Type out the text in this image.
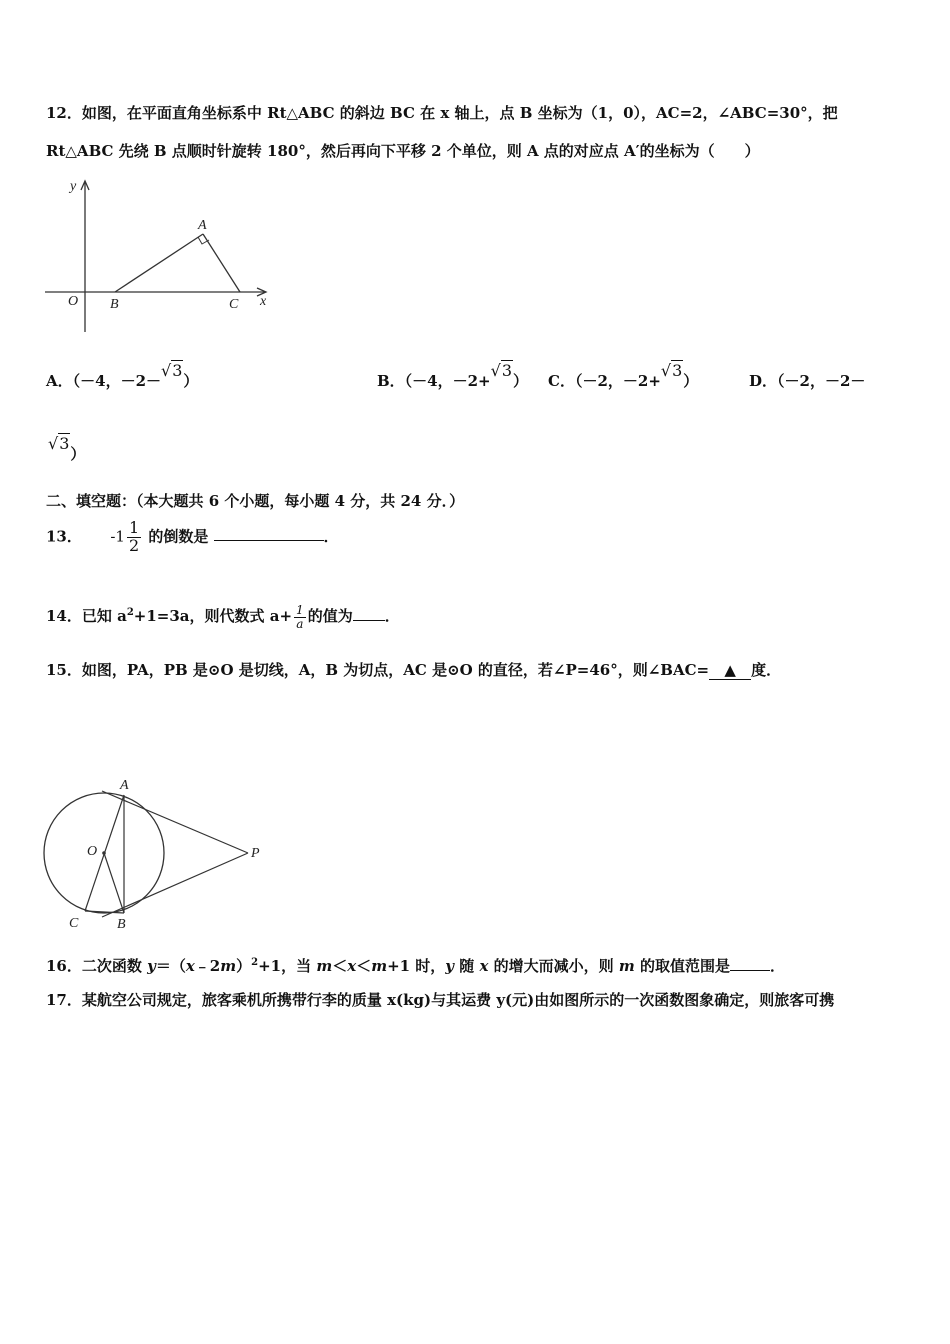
12．如图，在平面直角坐标系中 Rt△ABC 的斜边 BC 在 x 轴上，点 B 坐标为（1，0），AC=2，∠ABC=30°，把
Rt△ABC 先绕 B 点顺时针旋转 180°，然后再向下平移 2 个单位，则 A 点的对应点 A′的坐标为（　　）
y
x
O
A
B	C
A．（－4，－2－√3）	B．（－4，－2+√3） C．（－2，－2+√3）	D．（－2，－2－
√3）
二、填空题：（本大题共 6 个小题，每小题 4 分，共 24 分．）
13． $-1 \frac{1}{2}$ 的倒数是	．
14．已知 $a^2+1=3a$，则代数式 $a+ \frac{1}{a}$ 的值为 ．
15．如图，PA，PB 是⊙O 是切线，A，B 为切点，AC 是⊙O 的直径，若∠P=46°，则∠BAC= ▲ 度．
A
O	P
C	B
16．二次函数 y＝（x﹣2m）$^2$+1，当 m＜x＜m+1 时，y 随 x 的增大而减小，则 m 的取值范围是	．
17．某航空公司规定，旅客乘机所携带行李的质量 x(kg)与其运费 y(元)由如图所示的一次函数图象确定，则旅客可携
